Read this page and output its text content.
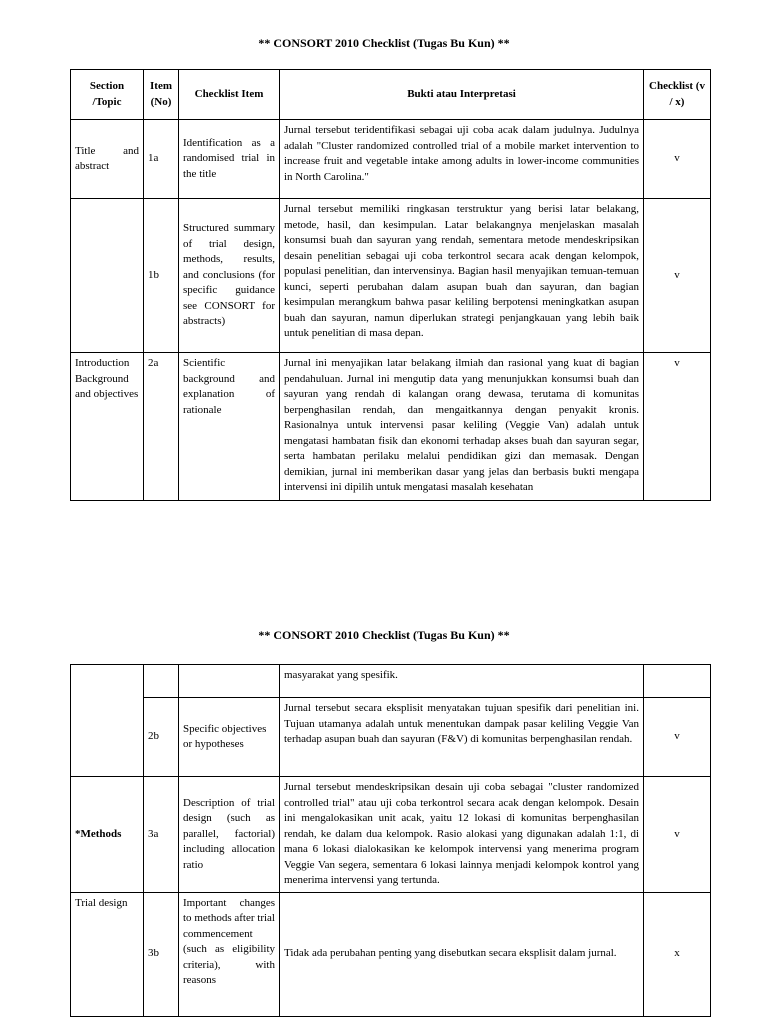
** CONSORT 2010 Checklist (Tugas Bu Kun) **
Section /Topic	Item (No)	Checklist Item	Bukti atau Interpretasi	Checklist (v / x)
Title and abstract	1a	Identification as a randomised trial in the title	Jurnal tersebut teridentifikasi sebagai uji coba acak dalam judulnya. Judulnya adalah "Cluster randomized controlled trial of a mobile market intervention to increase fruit and vegetable intake among adults in lower-income communities in North Carolina."	v
	1b	Structured summary of trial design, methods, results, and conclusions (for specific guidance see CONSORT for abstracts)	Jurnal tersebut memiliki ringkasan terstruktur yang berisi latar belakang, metode, hasil, dan kesimpulan. Latar belakangnya menjelaskan masalah konsumsi buah dan sayuran yang rendah, sementara metode mendeskripsikan desain penelitian sebagai uji coba terkontrol secara acak dengan kelompok, populasi penelitian, dan intervensinya. Bagian hasil menyajikan temuan-temuan kunci, seperti perubahan dalam asupan buah dan sayuran, dan bagian kesimpulan merangkum bahwa pasar keliling berpotensi meningkatkan asupan buah dan sayuran, namun diperlukan strategi penjangkauan yang lebih baik untuk penelitian di masa depan.	v
Introduction Background and objectives	2a	Scientific background and explanation of rationale	Jurnal ini menyajikan latar belakang ilmiah dan rasional yang kuat di bagian pendahuluan. Jurnal ini mengutip data yang menunjukkan konsumsi buah dan sayuran yang rendah di kalangan orang dewasa, terutama di komunitas berpenghasilan rendah, dan mengaitkannya dengan penyakit kronis. Rasionalnya untuk intervensi pasar keliling (Veggie Van) adalah untuk mengatasi hambatan fisik dan ekonomi terhadap akses buah dan sayuran segar, serta hambatan perilaku melalui pendidikan gizi dan memasak. Dengan demikian, jurnal ini memberikan dasar yang jelas dan berbasis bukti mengapa intervensi ini dipilih untuk mengatasi masalah kesehatan	v
** CONSORT 2010 Checklist (Tugas Bu Kun) **
			masyarakat yang spesifik.	
	2b	Specific objectives or hypotheses	Jurnal tersebut secara eksplisit menyatakan tujuan spesifik dari penelitian ini. Tujuan utamanya adalah untuk menentukan dampak pasar keliling Veggie Van terhadap asupan buah dan sayuran (F&V) di komunitas berpenghasilan rendah.	v
*Methods	3a	Description of trial design (such as parallel, factorial) including allocation ratio	Jurnal tersebut mendeskripsikan desain uji coba sebagai "cluster randomized controlled trial" atau uji coba terkontrol secara acak dengan kelompok. Desain ini mengalokasikan unit acak, yaitu 12 lokasi di komunitas berpenghasilan rendah, ke dalam dua kelompok. Rasio alokasi yang digunakan adalah 1:1, di mana 6 lokasi dialokasikan ke kelompok intervensi yang menerima program Veggie Van segera, sementara 6 lokasi lainnya menjadi kelompok kontrol yang menerima intervensi yang tertunda.	v
Trial design	3b	Important changes to methods after trial commencement (such as eligibility criteria), with reasons	Tidak ada perubahan penting yang disebutkan secara eksplisit dalam jurnal.	x
